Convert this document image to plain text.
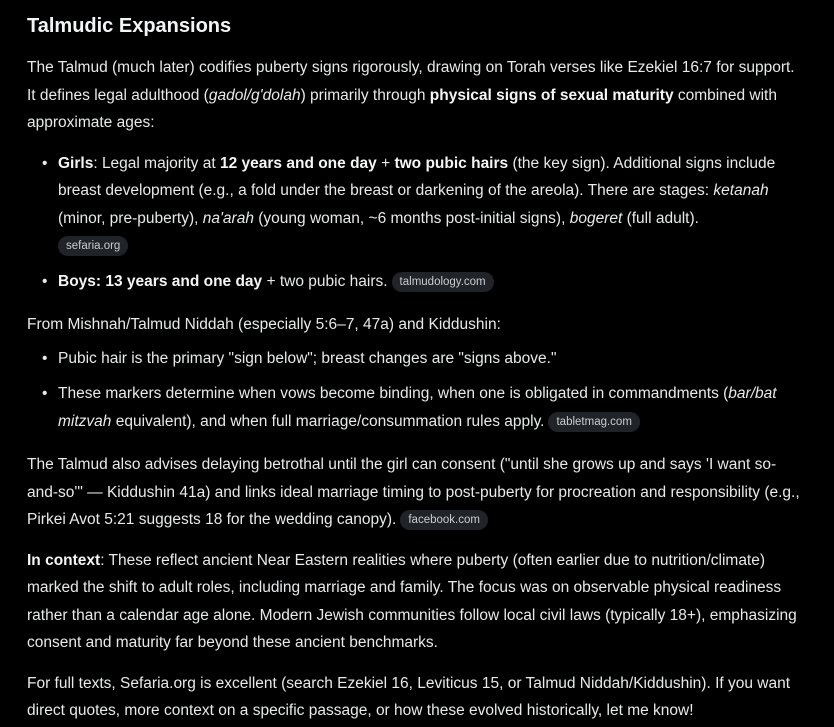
Talmudic Expansions

The Talmud (much later) codifies puberty signs rigorously, drawing on Torah verses like Ezekiel 16:7 for support. It defines legal adulthood (gadol/g'dolah) primarily through physical signs of sexual maturity combined with approximate ages:

• Girls: Legal majority at 12 years and one day + two pubic hairs (the key sign). Additional signs include breast development (e.g., a fold under the breast or darkening of the areola). There are stages: ketanah (minor, pre-puberty), na'arah (young woman, ~6 months post-initial signs), bogeret (full adult).
sefaria.org
• Boys: 13 years and one day + two pubic hairs. talmudology.com

From Mishnah/Talmud Niddah (especially 5:6–7, 47a) and Kiddushin:

• Pubic hair is the primary "sign below"; breast changes are "signs above."
• These markers determine when vows become binding, when one is obligated in commandments (bar/bat mitzvah equivalent), and when full marriage/consummation rules apply. tabletmag.com

The Talmud also advises delaying betrothal until the girl can consent ("until she grows up and says 'I want so-and-so'" — Kiddushin 41a) and links ideal marriage timing to post-puberty for procreation and responsibility (e.g., Pirkei Avot 5:21 suggests 18 for the wedding canopy). facebook.com

In context: These reflect ancient Near Eastern realities where puberty (often earlier due to nutrition/climate) marked the shift to adult roles, including marriage and family. The focus was on observable physical readiness rather than a calendar age alone. Modern Jewish communities follow local civil laws (typically 18+), emphasizing consent and maturity far beyond these ancient benchmarks.

For full texts, Sefaria.org is excellent (search Ezekiel 16, Leviticus 15, or Talmud Niddah/Kiddushin). If you want direct quotes, more context on a specific passage, or how these evolved historically, let me know!
